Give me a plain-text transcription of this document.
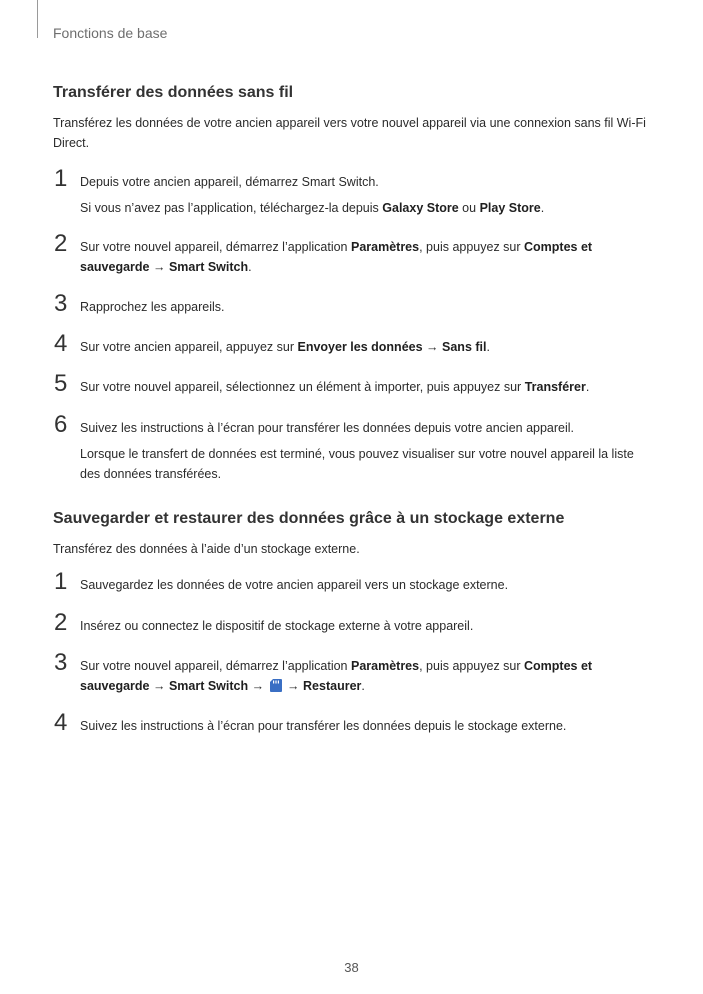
Fonctions de base

Transférer des données sans fil

Transférez les données de votre ancien appareil vers votre nouvel appareil via une connexion sans fil Wi-Fi Direct.

1 Depuis votre ancien appareil, démarrez Smart Switch.
Si vous n’avez pas l’application, téléchargez-la depuis Galaxy Store ou Play Store.
2 Sur votre nouvel appareil, démarrez l’application Paramètres, puis appuyez sur Comptes et sauvegarde → Smart Switch.
3 Rapprochez les appareils.
4 Sur votre ancien appareil, appuyez sur Envoyer les données → Sans fil.
5 Sur votre nouvel appareil, sélectionnez un élément à importer, puis appuyez sur Transférer.
6 Suivez les instructions à l’écran pour transférer les données depuis votre ancien appareil.
Lorsque le transfert de données est terminé, vous pouvez visualiser sur votre nouvel appareil la liste des données transférées.
Sauvegarder et restaurer des données grâce à un stockage externe

Transférez des données à l’aide d’un stockage externe.

1 Sauvegardez les données de votre ancien appareil vers un stockage externe.
2 Insérez ou connectez le dispositif de stockage externe à votre appareil.
3 Sur votre nouvel appareil, démarrez l’application Paramètres, puis appuyez sur Comptes et sauvegarde → Smart Switch →  → Restaurer.
4 Suivez les instructions à l’écran pour transférer les données depuis le stockage externe.
38
